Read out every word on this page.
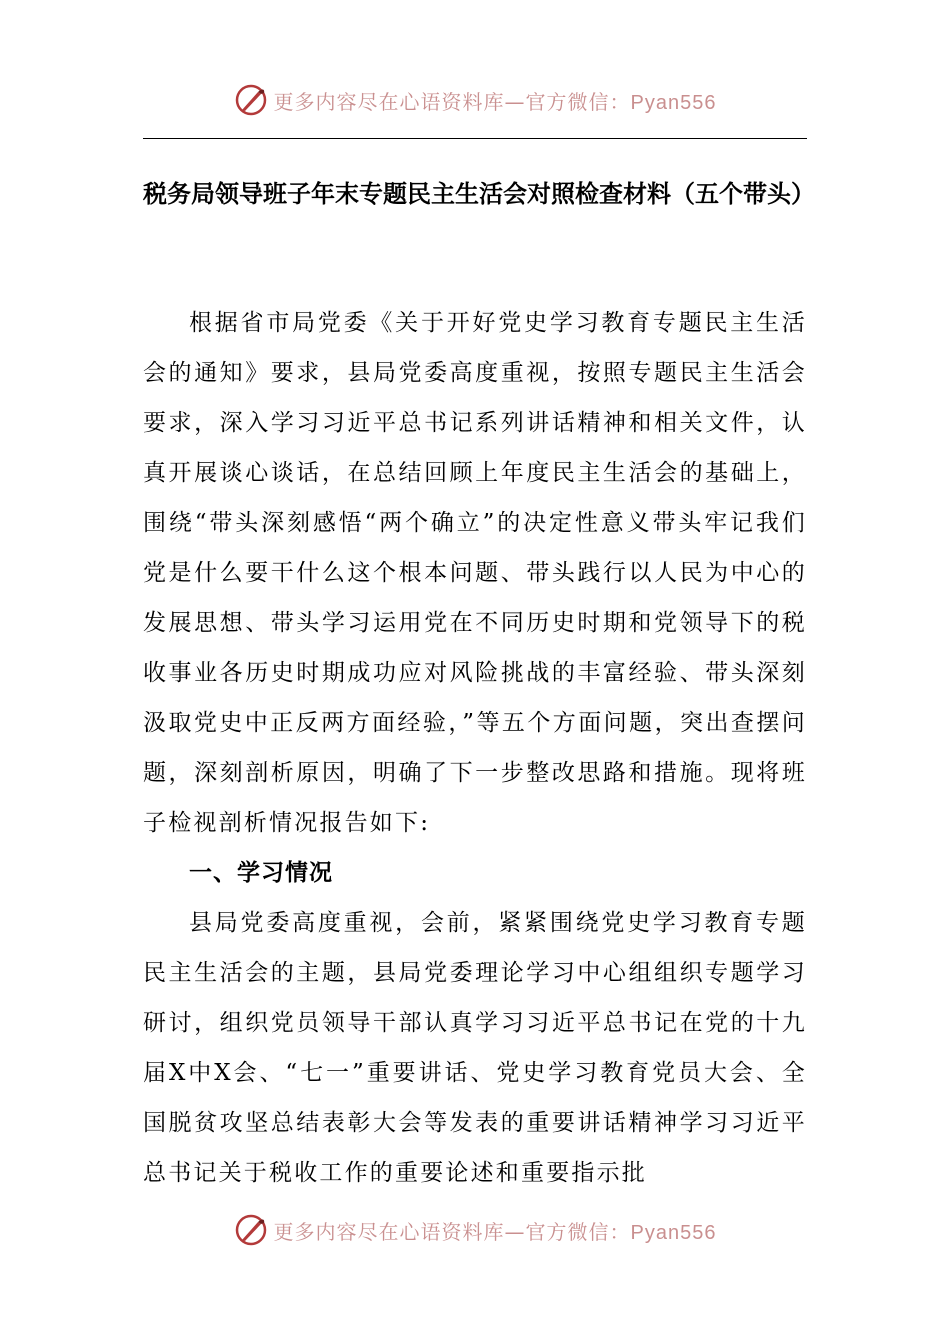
更多内容尽在心语资料库—官方微信：Pyan556
税务局领导班子年末专题民主生活会对照检查材料（五个带头）

根据省市局党委《关于开好党史学习教育专题民主生活会的通知》要求，县局党委高度重视，按照专题民主生活会要求，深入学习习近平总书记系列讲话精神和相关文件，认真开展谈心谈话，在总结回顾上年度民主生活会的基础上，围绕“带头深刻感悟“两个确立”的决定性意义带头牢记我们党是什么要干什么这个根本问题、带头践行以人民为中心的发展思想、带头学习运用党在不同历史时期和党领导下的税收事业各历史时期成功应对风险挑战的丰富经验、带头深刻汲取党史中正反两方面经验，”等五个方面问题，突出查摆问题，深刻剖析原因，明确了下一步整改思路和措施。现将班子检视剖析情况报告如下:

一、学习情况

县局党委高度重视，会前，紧紧围绕党史学习教育专题民主生活会的主题，县局党委理论学习中心组组织专题学习研讨，组织党员领导干部认真学习习近平总书记在党的十九届X中X会、“七一”重要讲话、党史学习教育党员大会、全国脱贫攻坚总结表彰大会等发表的重要讲话精神学习习近平总书记关于税收工作的重要论述和重要指示批

更多内容尽在心语资料库—官方微信：Pyan556
